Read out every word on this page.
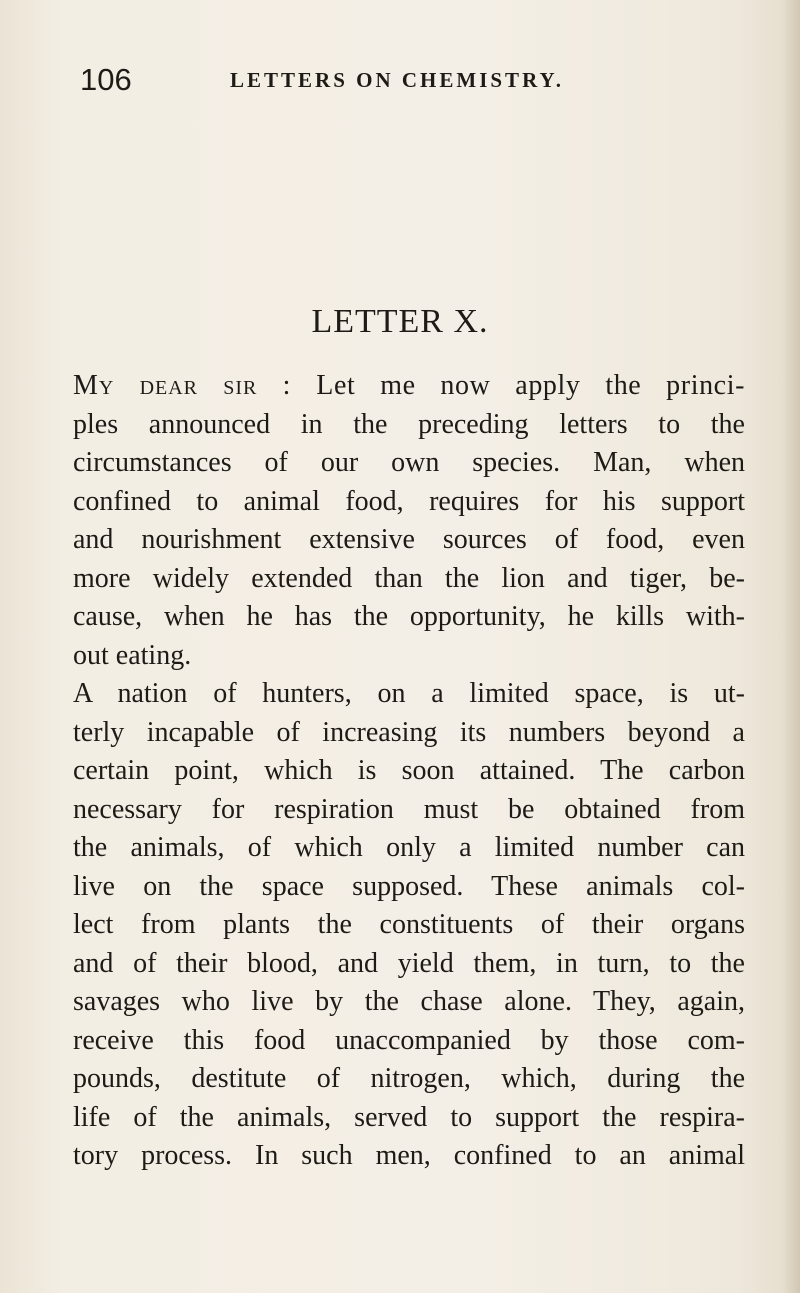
106	LETTERS ON CHEMISTRY.
LETTER X.
My dear sir : Let me now apply the princi-
ples announced in the preceding letters to the
circumstances of our own species. Man, when
confined to animal food, requires for his support
and nourishment extensive sources of food, even
more widely extended than the lion and tiger, be-
cause, when he has the opportunity, he kills with-
out eating.
A nation of hunters, on a limited space, is ut-
terly incapable of increasing its numbers beyond a
certain point, which is soon attained. The carbon
necessary for respiration must be obtained from
the animals, of which only a limited number can
live on the space supposed. These animals col-
lect from plants the constituents of their organs
and of their blood, and yield them, in turn, to the
savages who live by the chase alone. They, again,
receive this food unaccompanied by those com-
pounds, destitute of nitrogen, which, during the
life of the animals, served to support the respira-
tory process. In such men, confined to an animal
